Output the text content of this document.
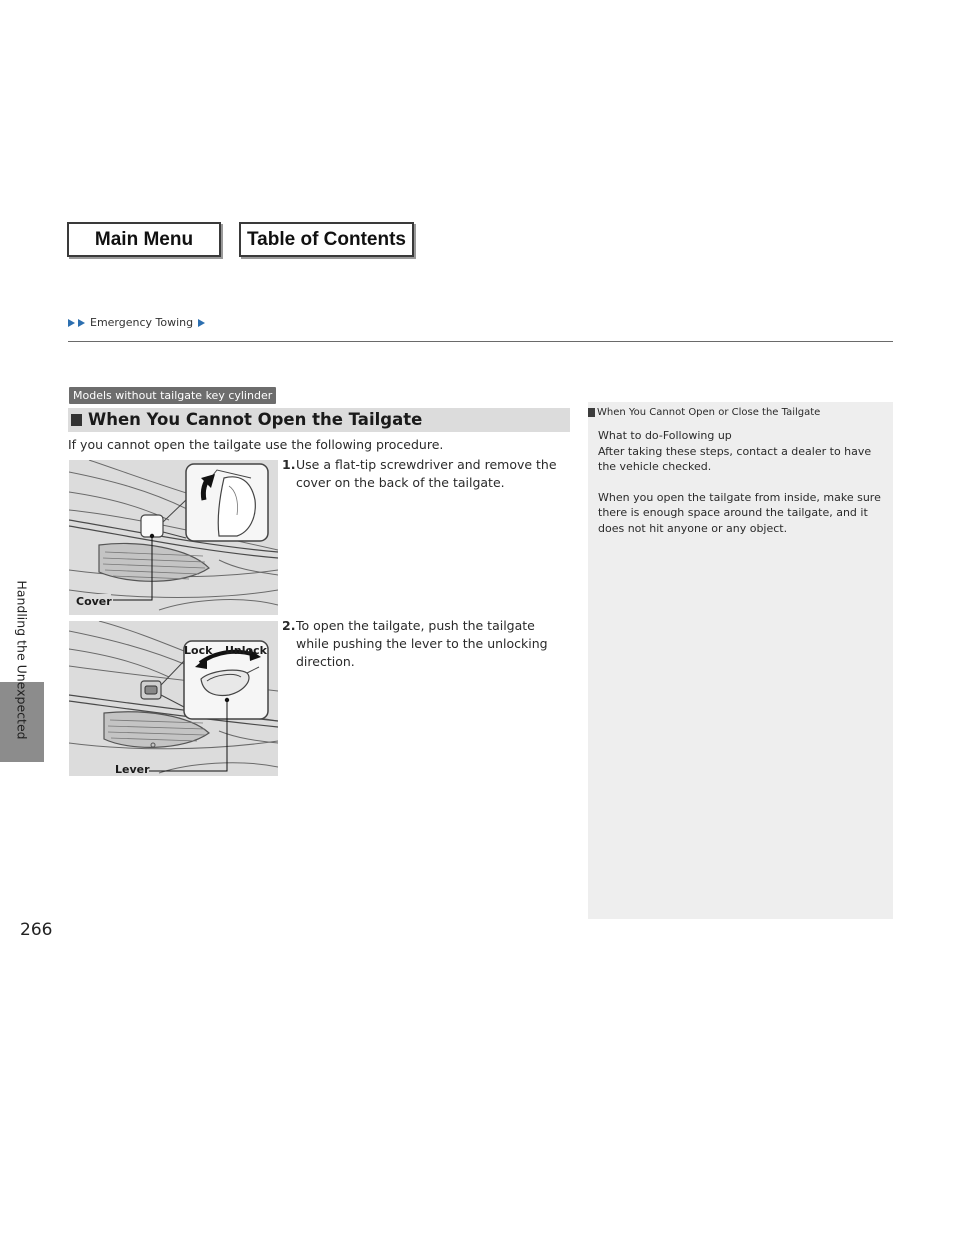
Main Menu	Table of Contents
Emergency Towing
Handling the Unexpected
Models without tailgate key cylinder
When You Cannot Open the Tailgate
If you cannot open the tailgate use the following procedure.
Cover
1. Use a flat-tip screwdriver and remove the cover on the back of the tailgate.
Lock Unlock
Lever
2. To open the tailgate, push the tailgate while pushing the lever to the unlocking direction.
When You Cannot Open or Close the Tailgate

What to do-Following up
After taking these steps, contact a dealer to have the vehicle checked.

When you open the tailgate from inside, make sure there is enough space around the tailgate, and it does not hit anyone or any object.

266
